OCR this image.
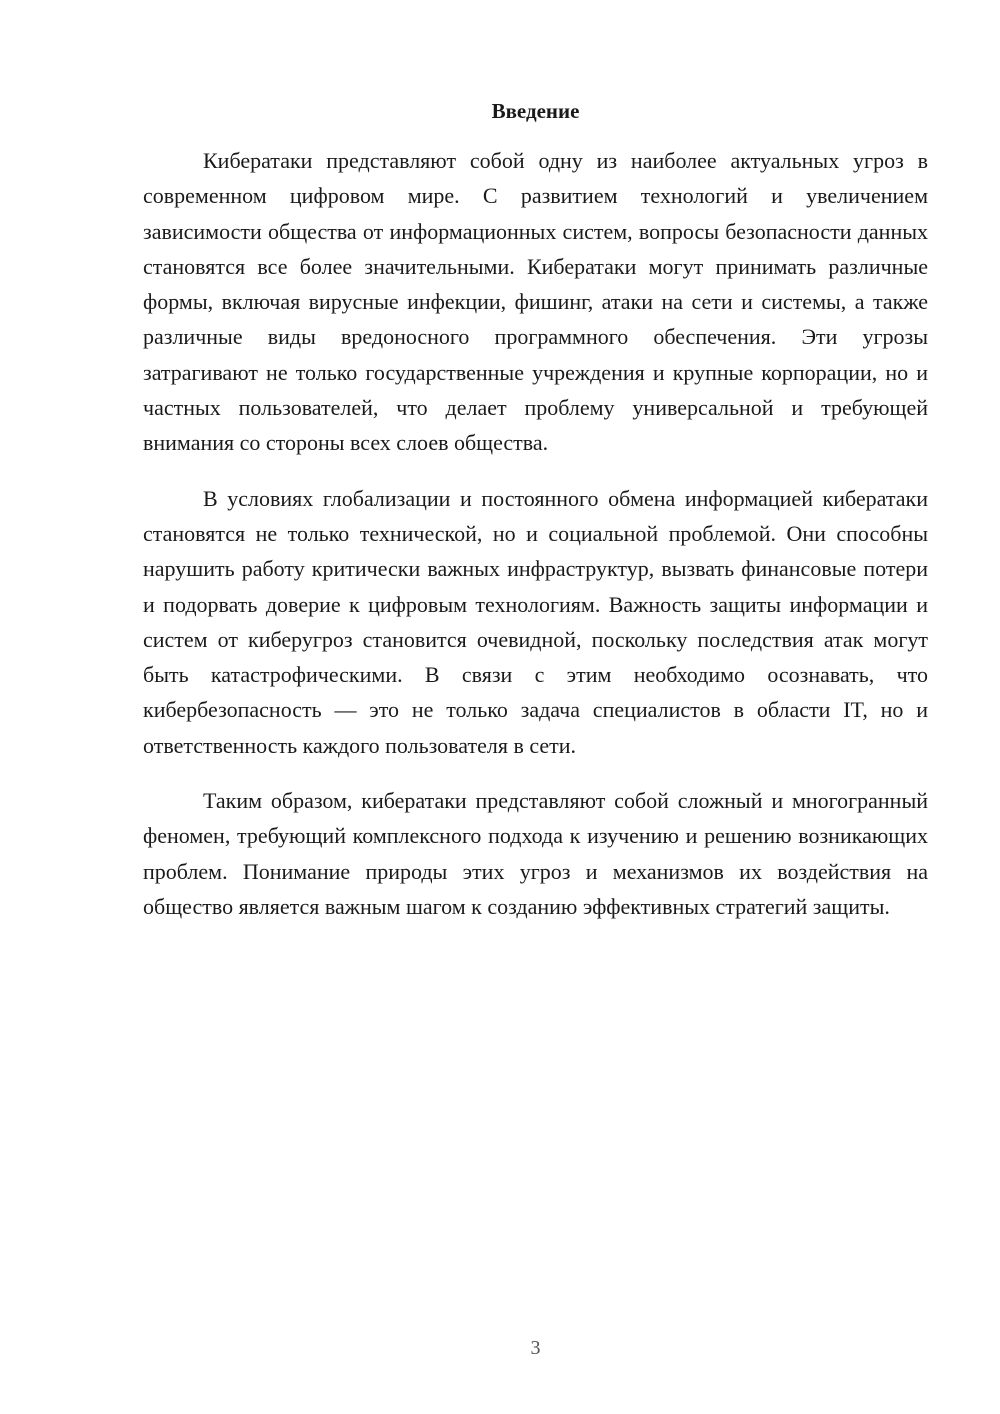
Введение

Кибератаки представляют собой одну из наиболее актуальных угроз в современном цифровом мире. С развитием технологий и увеличением зависимости общества от информационных систем, вопросы безопасности данных становятся все более значительными. Кибератаки могут принимать различные формы, включая вирусные инфекции, фишинг, атаки на сети и системы, а также различные виды вредоносного программного обеспечения. Эти угрозы затрагивают не только государственные учреждения и крупные корпорации, но и частных пользователей, что делает проблему универсальной и требующей внимания со стороны всех слоев общества.

В условиях глобализации и постоянного обмена информацией кибератаки становятся не только технической, но и социальной проблемой. Они способны нарушить работу критически важных инфраструктур, вызвать финансовые потери и подорвать доверие к цифровым технологиям. Важность защиты информации и систем от киберугроз становится очевидной, поскольку последствия атак могут быть катастрофическими. В связи с этим необходимо осознавать, что кибербезопасность — это не только задача специалистов в области IT, но и ответственность каждого пользователя в сети.

Таким образом, кибератаки представляют собой сложный и многогранный феномен, требующий комплексного подхода к изучению и решению возникающих проблем. Понимание природы этих угроз и механизмов их воздействия на общество является важным шагом к созданию эффективных стратегий защиты.

3
